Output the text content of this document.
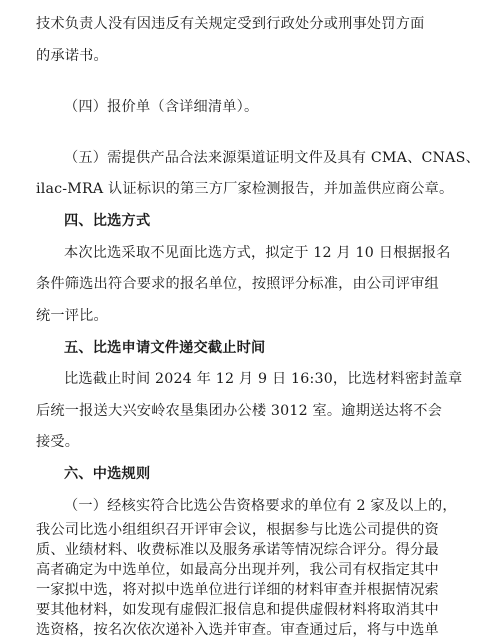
技术负责人没有因违反有关规定受到行政处分或刑事处罚方面
的承诺书。
（四）报价单（含详细清单）。
（五）需提供产品合法来源渠道证明文件及具有 CMA、CNAS、
ilac-MRA 认证标识的第三方厂家检测报告，并加盖供应商公章。
四、比选方式
本次比选采取不见面比选方式，拟定于 12 月 10 日根据报名
条件筛选出符合要求的报名单位，按照评分标准，由公司评审组
统一评比。
五、比选申请文件递交截止时间
比选截止时间 2024 年 12 月 9 日 16:30，比选材料密封盖章
后统一报送大兴安岭农垦集团办公楼 3012 室。逾期送达将不会
接受。
六、中选规则
（一）经核实符合比选公告资格要求的单位有 2 家及以上的，
我公司比选小组组织召开评审会议，根据参与比选公司提供的资
质、业绩材料、收费标准以及服务承诺等情况综合评分。得分最
高者确定为中选单位，如最高分出现并列，我公司有权指定其中
一家拟中选，将对拟中选单位进行详细的材料审查并根据情况索
要其他材料，如发现有虚假汇报信息和提供虚假材料将取消其中
选资格，按名次依次递补入选并审查。审查通过后，将与中选单
